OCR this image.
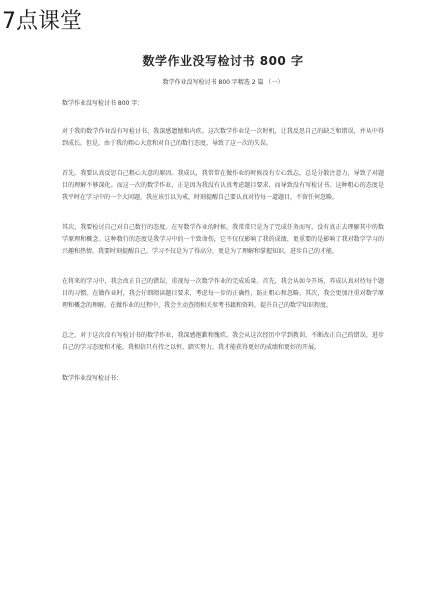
7点课堂
数学作业没写检讨书 800 字
数学作业没写检讨书 800 字精选 2 篇 （一）
数学作业没写检讨书 800 字：

对于我的数学作业没有写检讨书，我深感遗憾和内疚。这次数学作业是一次时机，让我反思自己的缺乏和错误，并从中得到成长。但是，由于我的粗心大意和对自己的数行态度，导致了这一次的失误。

首先，我要认真反思自己粗心大意的原因。我成认，我常常在做作业的时候没有专心致志，总是分散注意力，导致了对题目的理解不够深化。而这一次的数学作业，正是因为我没有认真考虑题目要求，而导致没有写检讨书。这种粗心的态度是我平时在学习中的一个大问题，我应该引以为戒，时刻提醒自己要认真对待每一道题目，不留任何忽略。

其次，我要检讨自己对自己数行的态度。在写数学作业的时候，我常常只是为了完成任务而写，没有真正去理解其中的数学原理和概念。这种数行的态度是我学习中的一个致命伤，它不仅仅影响了我的成绩，更重要的是影响了我对数学学习的兴趣和热情。我要时刻提醒自己，学习不仅是为了得高分，更是为了理解和掌握知识，进步自己的才能。

在将来的学习中，我会改正自己的错误，重视每一次数学作业的完成质量。首先，我会从如今开场，养成认真对待每个题目的习惯。在做作业时，我会仔细阅读题目要求，考虑每一步的正确性，防止粗心和忽略。其次，我会更加注重对数学原理和概念的理解。在做作业的过程中，我会主动查阅相关参考书籍和资料，提升自己的数学知识程度。

总之，对于这次没有写检讨书的数学作业，我深感抱歉和愧疚。我会从这次经历中学到教训，不断改正自己的错误，进步自己的学习态度和才能。我相信只有持之以恒，踏实努力，我才能获得更好的成绩和更好的开展。

数学作业没写检讨书：
